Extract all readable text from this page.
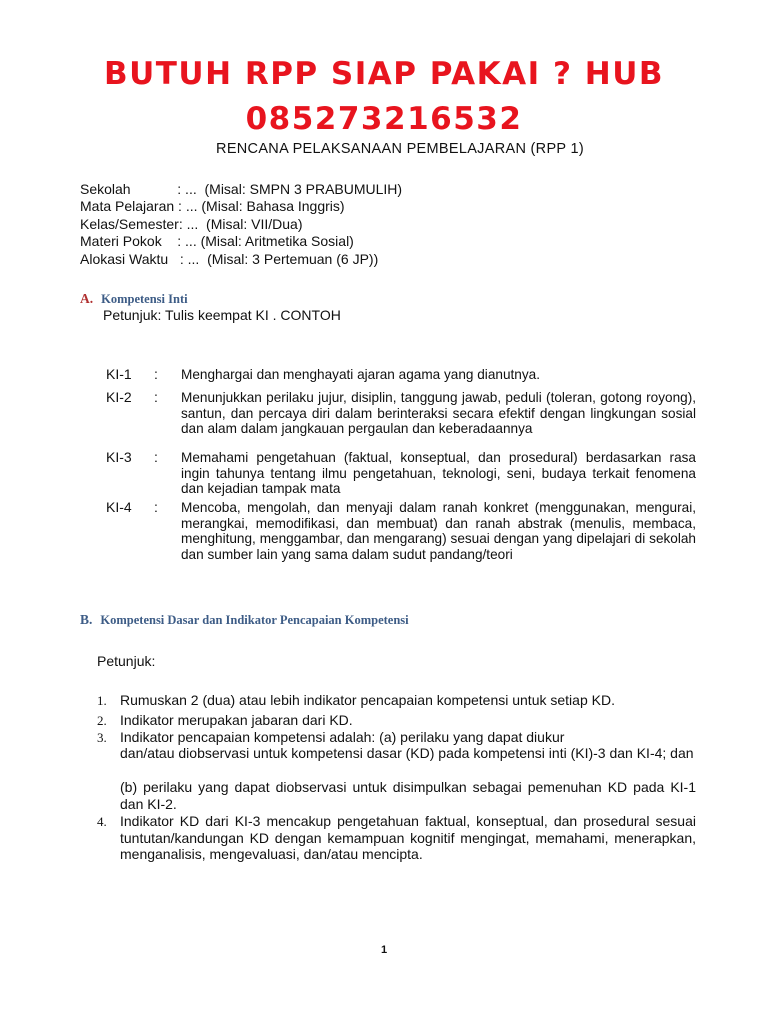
BUTUH RPP SIAP PAKAI ? HUB
085273216532
RENCANA PELAKSANAAN PEMBELAJARAN (RPP 1)
Sekolah            : ...  (Misal: SMPN 3 PRABUMULIH)
Mata Pelajaran : ... (Misal: Bahasa Inggris)
Kelas/Semester: ...  (Misal: VII/Dua)
Materi Pokok    : ... (Misal: Aritmetika Sosial)
Alokasi Waktu   : ...  (Misal: 3 Pertemuan (6 JP))
A. Kompetensi Inti
Petunjuk: Tulis keempat KI . CONTOH
KI-1 : Menghargai dan menghayati ajaran agama yang dianutnya.
KI-2 : Menunjukkan perilaku jujur, disiplin, tanggung jawab, peduli (toleran, gotong royong), santun, dan percaya diri dalam berinteraksi secara efektif dengan lingkungan sosial dan alam dalam jangkauan pergaulan dan keberadaannya
KI-3 : Memahami pengetahuan (faktual, konseptual, dan prosedural) berdasarkan rasa ingin tahunya tentang ilmu pengetahuan, teknologi, seni, budaya terkait fenomena dan kejadian tampak mata
KI-4 : Mencoba, mengolah, dan menyaji dalam ranah konkret (menggunakan, mengurai, merangkai, memodifikasi, dan membuat) dan ranah abstrak (menulis, membaca, menghitung, menggambar, dan mengarang) sesuai dengan yang dipelajari di sekolah dan sumber lain yang sama dalam sudut pandang/teori
B. Kompetensi Dasar dan Indikator Pencapaian Kompetensi
Petunjuk:
1. Rumuskan 2 (dua) atau lebih indikator pencapaian kompetensi untuk setiap KD.
2. Indikator merupakan jabaran dari KD.
3. Indikator pencapaian kompetensi adalah: (a) perilaku yang dapat diukur
dan/atau diobservasi untuk kompetensi dasar (KD) pada kompetensi inti (KI)-3 dan KI-4; dan
(b) perilaku yang dapat diobservasi untuk disimpulkan sebagai pemenuhan KD pada KI-1 dan KI-2.
4. Indikator KD dari KI-3 mencakup pengetahuan faktual, konseptual, dan prosedural sesuai tuntutan/kandungan KD dengan kemampuan kognitif mengingat, memahami, menerapkan, menganalisis, mengevaluasi, dan/atau mencipta.
1
